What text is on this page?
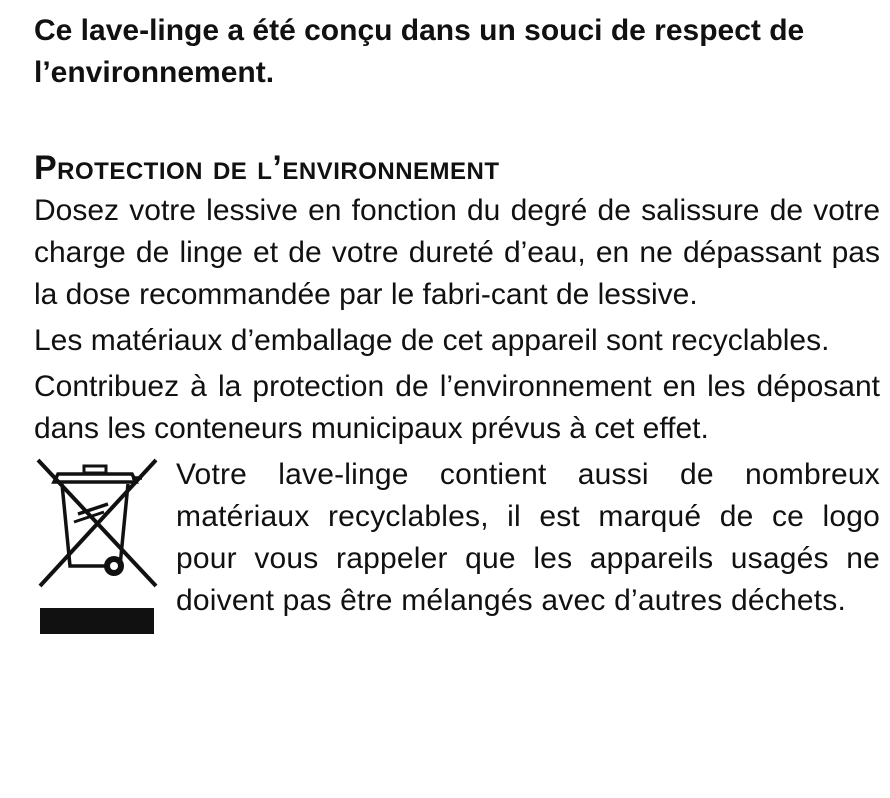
Ce lave-linge a été conçu dans un souci de respect de l’environnement.

Protection de l’environnement

Dosez votre lessive en fonction du degré de salissure de votre charge de linge et de votre dureté d’eau, en ne dépassant pas la dose recommandée par le fabri-cant de lessive.

Les matériaux d’emballage de cet appareil sont recyclables.

Contribuez à la protection de l’environnement en les déposant dans les conteneurs municipaux prévus à cet effet.

Votre lave-linge contient aussi de nombreux matériaux recyclables, il est marqué de ce logo pour vous rappeler que les appareils usagés ne doivent pas être mélangés avec d’autres déchets.
